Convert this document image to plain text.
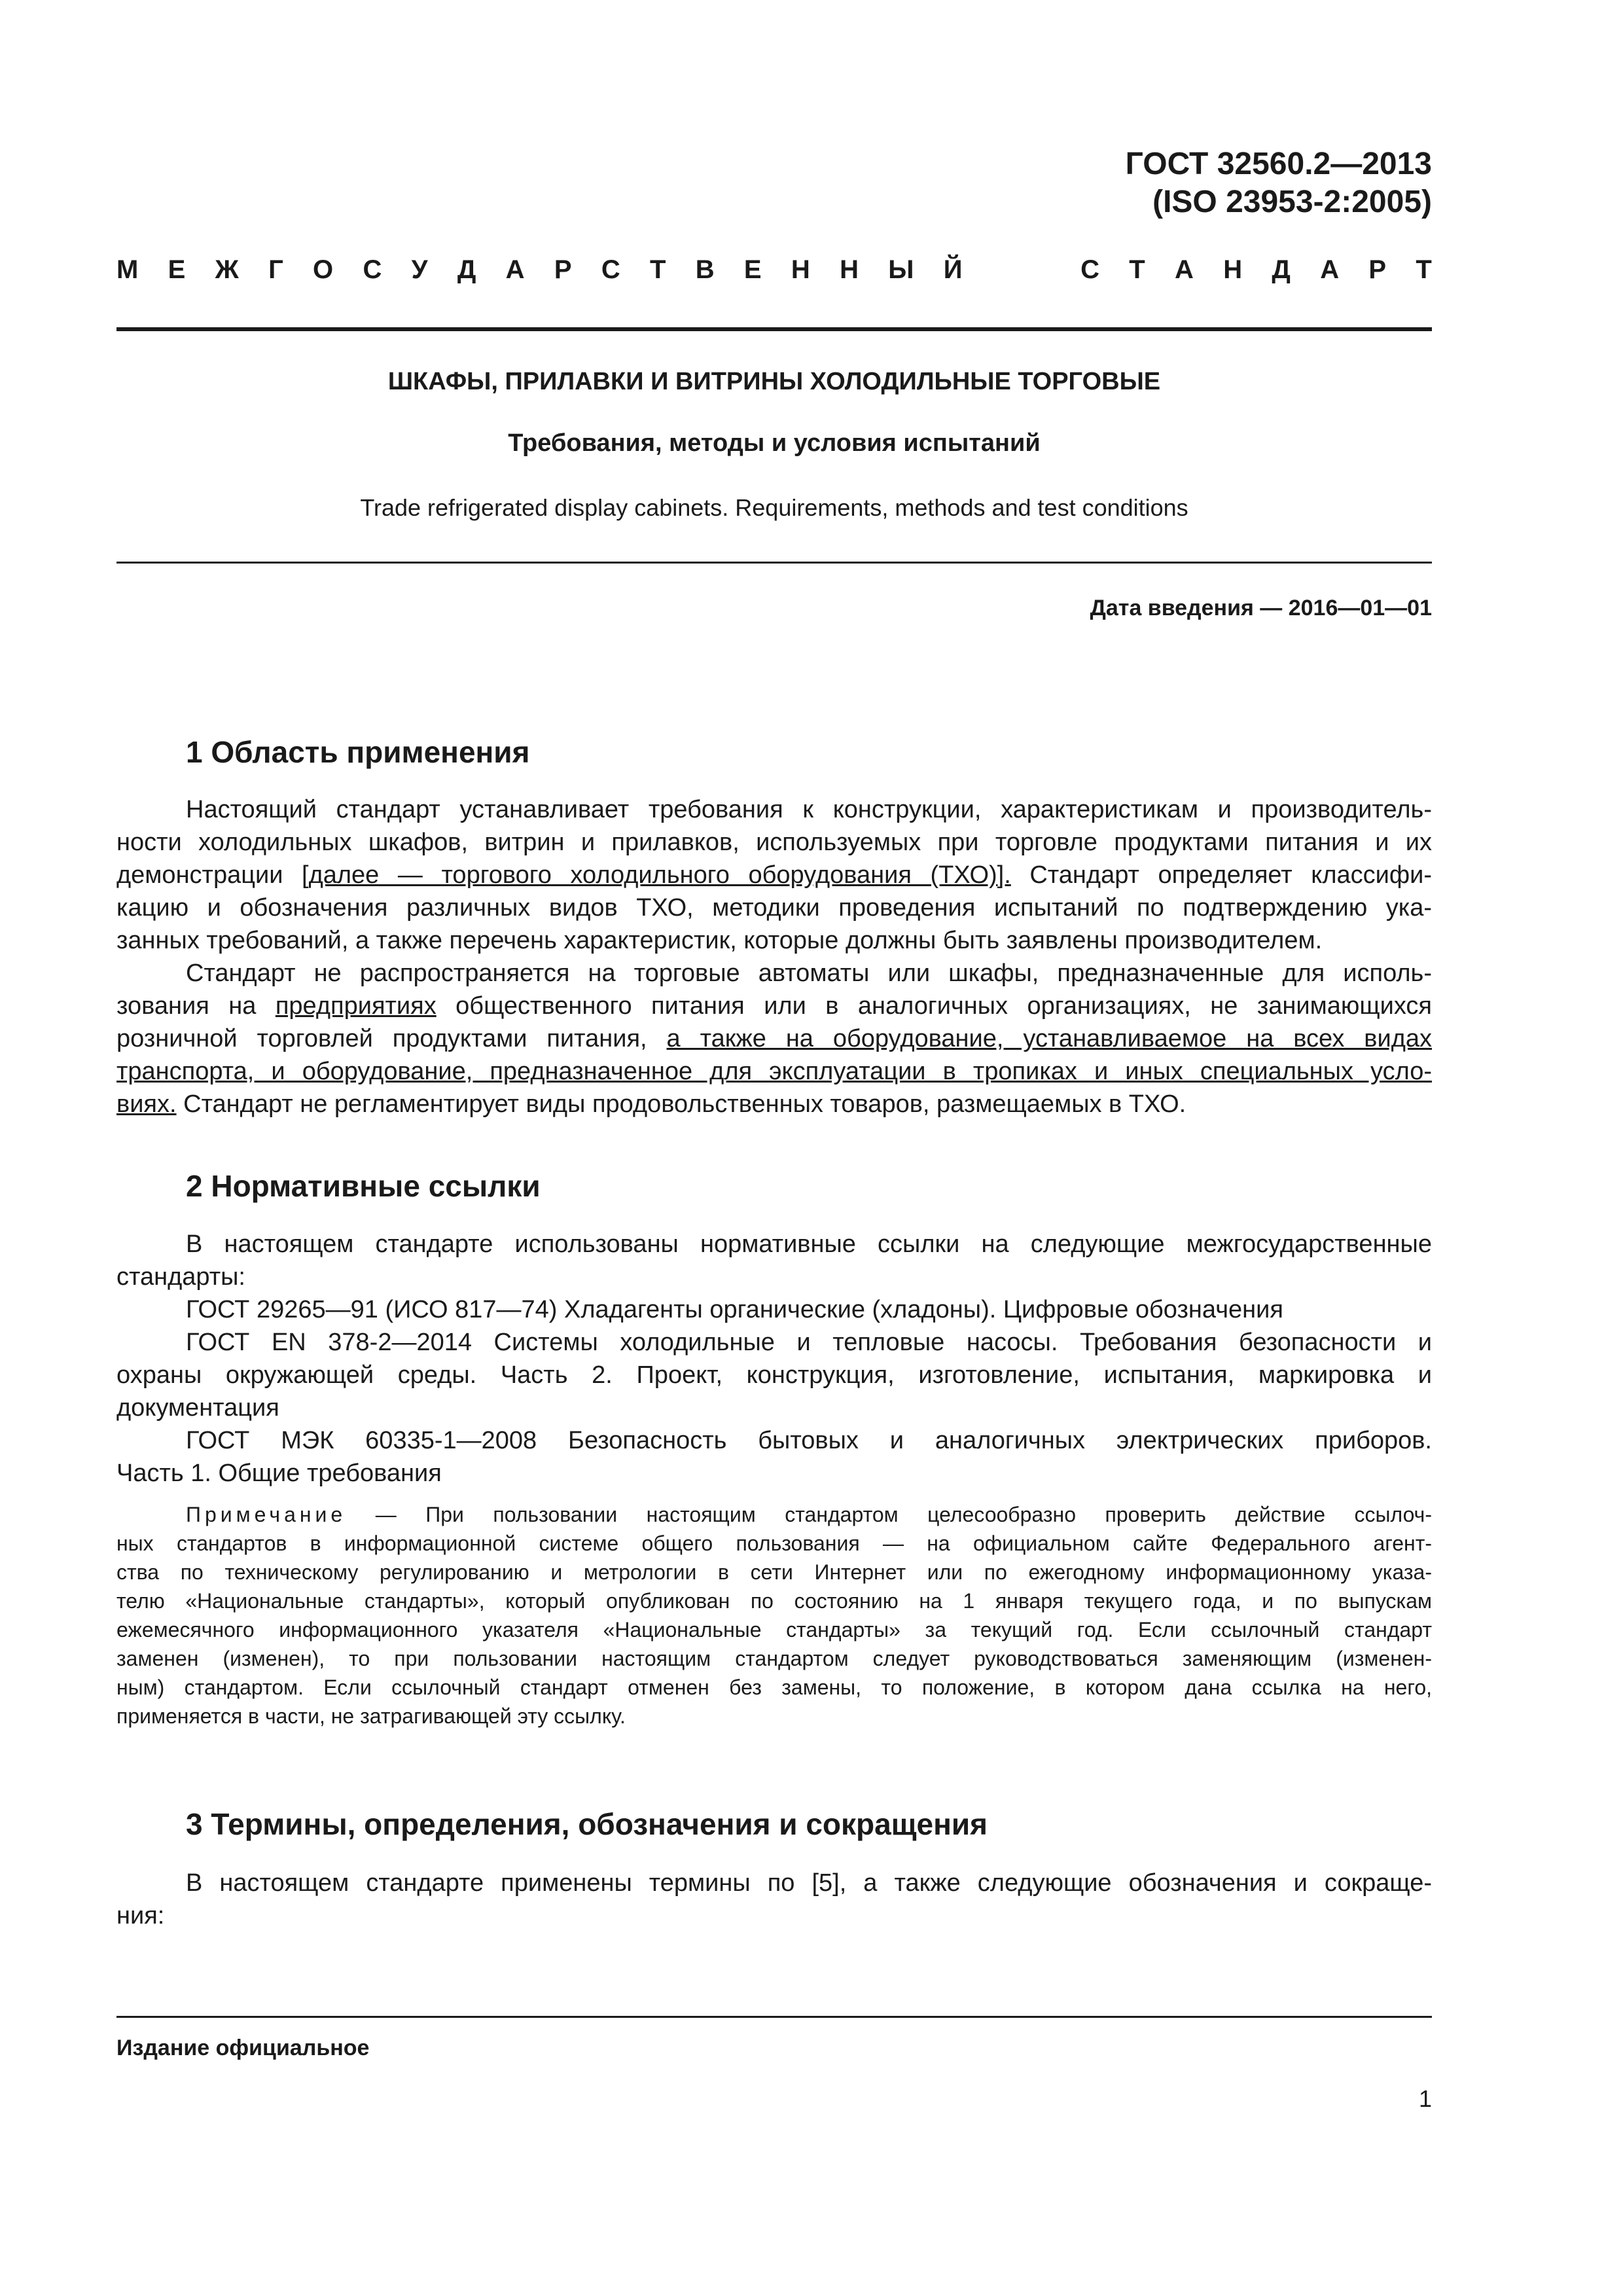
ГОСТ 32560.2—2013
(ISO 23953-2:2005)
М Е Ж Г О С У Д А Р С Т В Е Н Н Ы Й	С Т А Н Д А Р Т
ШКАФЫ, ПРИЛАВКИ И ВИТРИНЫ ХОЛОДИЛЬНЫЕ ТОРГОВЫЕ
Требования, методы и условия испытаний
Trade refrigerated display cabinets. Requirements, methods and test conditions
Дата введения — 2016—01—01
1 Область применения
Настоящий стандарт устанавливает требования к конструкции, характеристикам и производитель-
ности холодильных шкафов, витрин и прилавков, используемых при торговле продуктами питания и их
демонстрации [далее — торгового холодильного оборудования (ТХО)]. Стандарт определяет классифи-
кацию и обозначения различных видов ТХО, методики проведения испытаний по подтверждению ука-
занных требований, а также перечень характеристик, которые должны быть заявлены производителем.
Стандарт не распространяется на торговые автоматы или шкафы, предназначенные для исполь-
зования на предприятиях общественного питания или в аналогичных организациях, не занимающихся
розничной торговлей продуктами питания, а также на оборудование, устанавливаемое на всех видах
транспорта, и оборудование, предназначенное для эксплуатации в тропиках и иных специальных усло-
виях. Стандарт не регламентирует виды продовольственных товаров, размещаемых в ТХО.
2 Нормативные ссылки
В настоящем стандарте использованы нормативные ссылки на следующие межгосударственные
стандарты:
ГОСТ 29265—91 (ИСО 817—74) Хладагенты органические (хладоны). Цифровые обозначения
ГОСТ EN 378-2—2014 Системы холодильные и тепловые насосы. Требования безопасности и
охраны окружающей среды. Часть 2. Проект, конструкция, изготовление, испытания, маркировка и
документация
ГОСТ МЭК 60335-1—2008 Безопасность бытовых и аналогичных электрических приборов.
Часть 1. Общие требования
Примечание — При пользовании настоящим стандартом целесообразно проверить действие ссылоч-
ных стандартов в информационной системе общего пользования — на официальном сайте Федерального агент-
ства по техническому регулированию и метрологии в сети Интернет или по ежегодному информационному указа-
телю «Национальные стандарты», который опубликован по состоянию на 1 января текущего года, и по выпускам
ежемесячного информационного указателя «Национальные стандарты» за текущий год. Если ссылочный стандарт
заменен (изменен), то при пользовании настоящим стандартом следует руководствоваться заменяющим (изменен-
ным) стандартом. Если ссылочный стандарт отменен без замены, то положение, в котором дана ссылка на него,
применяется в части, не затрагивающей эту ссылку.
3 Термины, определения, обозначения и сокращения
В настоящем стандарте применены термины по [5], а также следующие обозначения и сокраще-
ния:
Издание официальное
1
